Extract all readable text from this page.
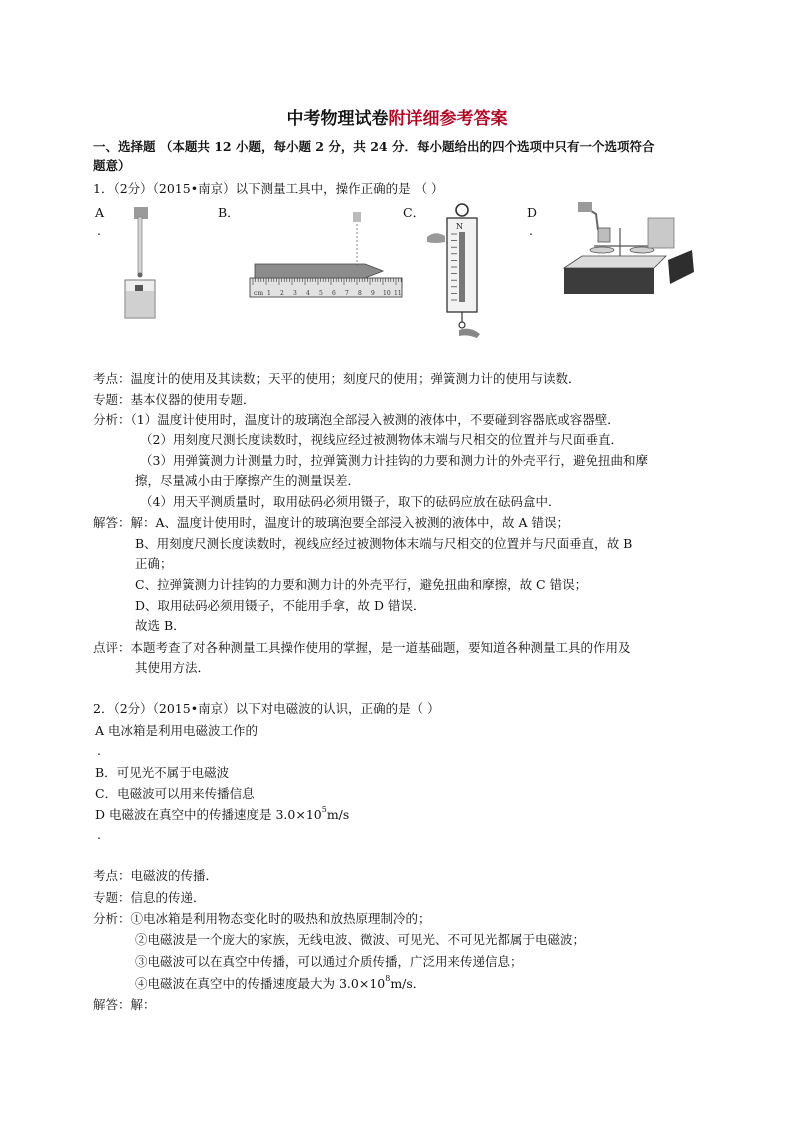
中考物理试卷附详细参考答案
一、选择题 （本题共 12 小题，每小题 2 分，共 24 分．每小题给出的四个选项中只有一个选项符合
题意）
1．（2分）（2015•南京）以下测量工具中，操作正确的是 （ ）
A
.
B．	C．	D
.
cm 1 2 3 4 5 6 7 8 9 10 11
N
考点：温度计的使用及其读数；天平的使用；刻度尺的使用；弹簧测力计的使用与读数．
专题：基本仪器的使用专题．
分析：（1）温度计使用时，温度计的玻璃泡全部浸入被测的液体中，不要碰到容器底或容器壁．
（2）用刻度尺测长度读数时，视线应经过被测物体末端与尺相交的位置并与尺面垂直．
（3）用弹簧测力计测量力时，拉弹簧测力计挂钩的力要和测力计的外壳平行，避免扭曲和摩
擦，尽量减小由于摩擦产生的测量误差．
（4）用天平测质量时，取用砝码必须用镊子，取下的砝码应放在砝码盒中．
解答：解：A、温度计使用时，温度计的玻璃泡要全部浸入被测的液体中，故 A 错误；
B、用刻度尺测长度读数时，视线应经过被测物体末端与尺相交的位置并与尺面垂直，故 B
正确；
C、拉弹簧测力计挂钩的力要和测力计的外壳平行，避免扭曲和摩擦，故 C 错误；
D、取用砝码必须用镊子，不能用手拿，故 D 错误．
故选 B．
点评：本题考查了对各种测量工具操作使用的掌握，是一道基础题，要知道各种测量工具的作用及
其使用方法．
2．（2分）（2015•南京）以下对电磁波的认识，正确的是（ ）
A 电冰箱是利用电磁波工作的
.
B．可见光不属于电磁波
C．电磁波可以用来传播信息
D 电磁波在真空中的传播速度是 $3.0\times 10^5m/s$
.
考点：电磁波的传播．
专题：信息的传递．
分析：①电冰箱是利用物态变化时的吸热和放热原理制冷的；
②电磁波是一个庞大的家族，无线电波、微波、可见光、不可见光都属于电磁波；
③电磁波可以在真空中传播，可以通过介质传播，广泛用来传递信息；
④电磁波在真空中的传播速度最大为 $3.0\times 10^8m/s$．
解答：解：
